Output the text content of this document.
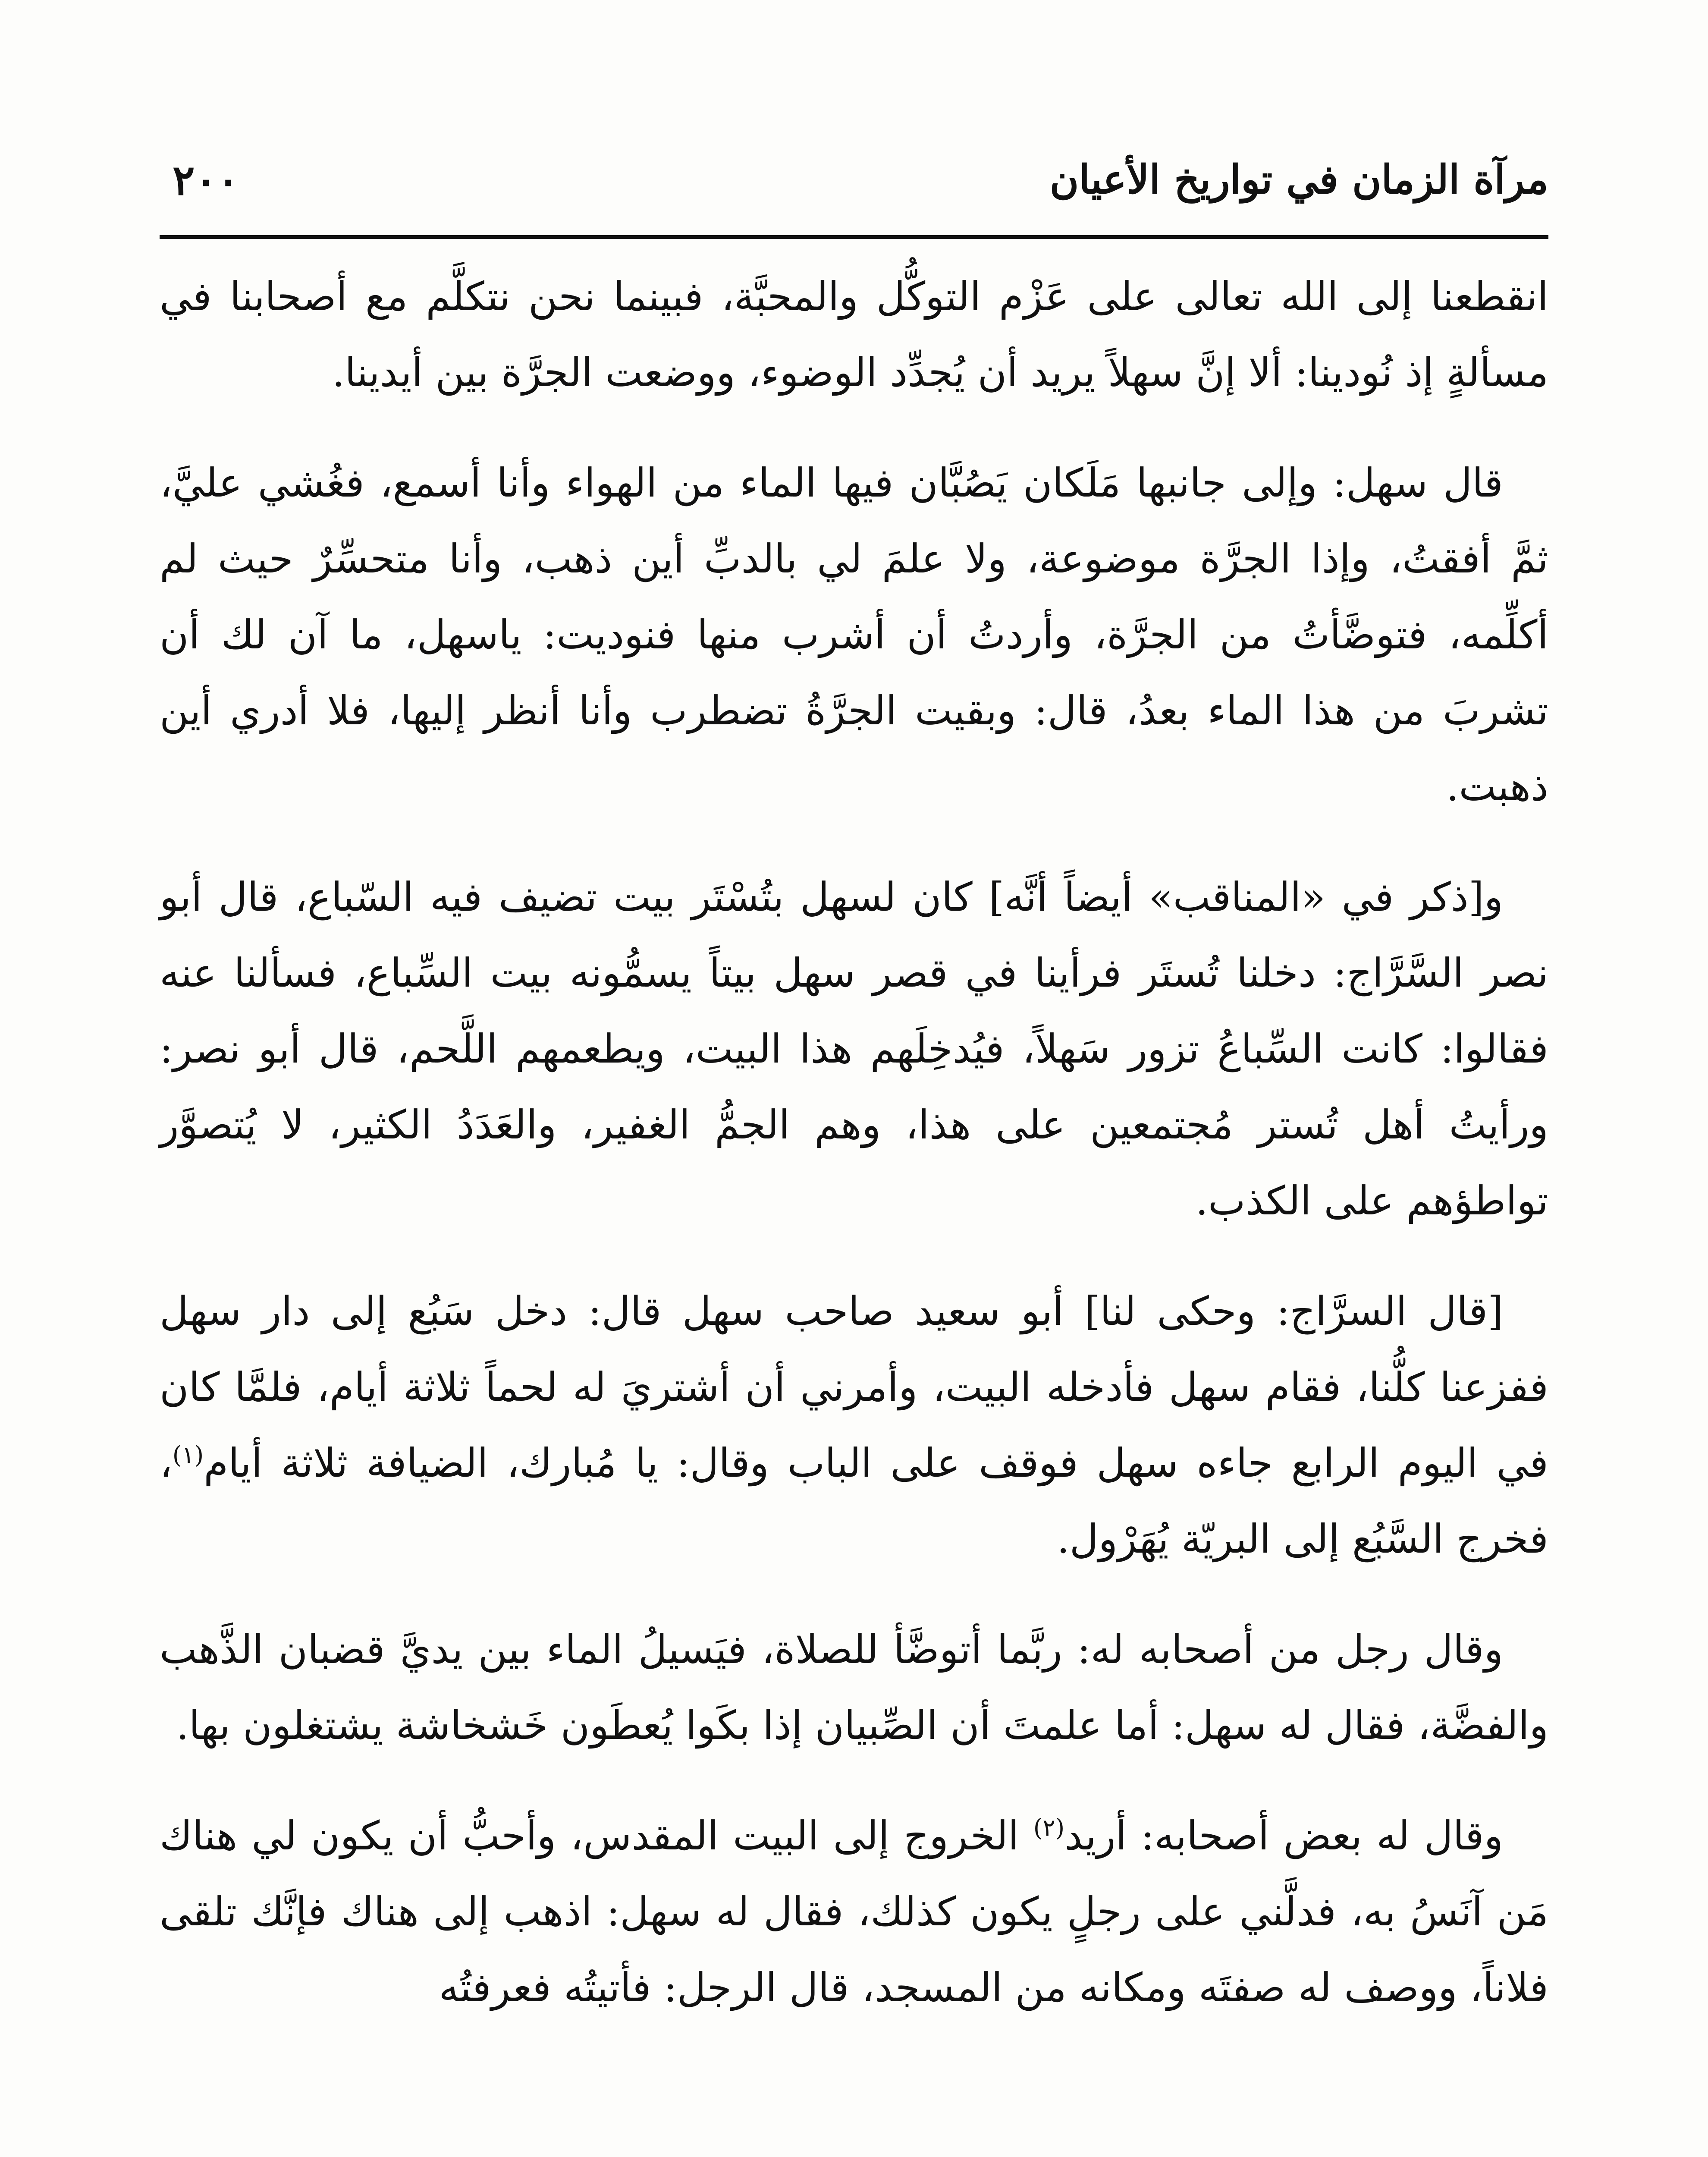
مرآة الزمان في تواريخ الأعيان
٢٠٠

انقطعنا إلى الله تعالى على عَزْم التوكُّل والمحبَّة، فبينما نحن نتكلَّم مع أصحابنا في مسألةٍ إذ نُودينا: ألا إنَّ سهلاً يريد أن يُجدِّد الوضوء، ووضعت الجرَّة بين أيدينا.

قال سهل: وإلى جانبها مَلَكان يَصُبَّان فيها الماء من الهواء وأنا أسمع، فغُشي عليَّ، ثمَّ أفقتُ، وإذا الجرَّة موضوعة، ولا علمَ لي بالدبِّ أين ذهب، وأنا متحسِّرٌ حيث لم أكلِّمه، فتوضَّأتُ من الجرَّة، وأردتُ أن أشرب منها فنوديت: ياسهل، ما آن لك أن تشربَ من هذا الماء بعدُ، قال: وبقيت الجرَّةُ تضطرب وأنا أنظر إليها، فلا أدري أين ذهبت.

و[ذكر في «المناقب» أيضاً أنَّه] كان لسهل بتُسْتَر بيت تضيف فيه السّباع، قال أبو نصر السَّرَّاج: دخلنا تُستَر فرأينا في قصر سهل بيتاً يسمُّونه بيت السِّباع، فسألنا عنه فقالوا: كانت السِّباعُ تزور سَهلاً، فيُدخِلَهم هذا البيت، ويطعمهم اللَّحم، قال أبو نصر: ورأيتُ أهل تُستر مُجتمعين على هذا، وهم الجمُّ الغفير، والعَدَدُ الكثير، لا يُتصوَّر تواطؤهم على الكذب.

[قال السرَّاج: وحكى لنا] أبو سعيد صاحب سهل قال: دخل سَبُع إلى دار سهل ففزعنا كلُّنا، فقام سهل فأدخله البيت، وأمرني أن أشتريَ له لحماً ثلاثة أيام، فلمَّا كان في اليوم الرابع جاءه سهل فوقف على الباب وقال: يا مُبارك، الضيافة ثلاثة أيام$^{(١)}$، فخرج السَّبُع إلى البريّة يُهَرْول.

وقال رجل من أصحابه له: ربَّما أتوضَّأ للصلاة، فيَسيلُ الماء بين يديَّ قضبان الذَّهب والفضَّة، فقال له سهل: أما علمتَ أن الصِّبيان إذا بكَوا يُعطَون خَشخاشة يشتغلون بها.

وقال له بعض أصحابه: أريد$^{(٢)}$ الخروج إلى البيت المقدس، وأحبُّ أن يكون لي هناك مَن آنَسُ به، فدلَّني على رجلٍ يكون كذلك، فقال له سهل: اذهب إلى هناك فإنَّك تلقى فلاناً، ووصف له صفتَه ومكانه من المسجد، قال الرجل: فأتيتُه فعرفتُه
